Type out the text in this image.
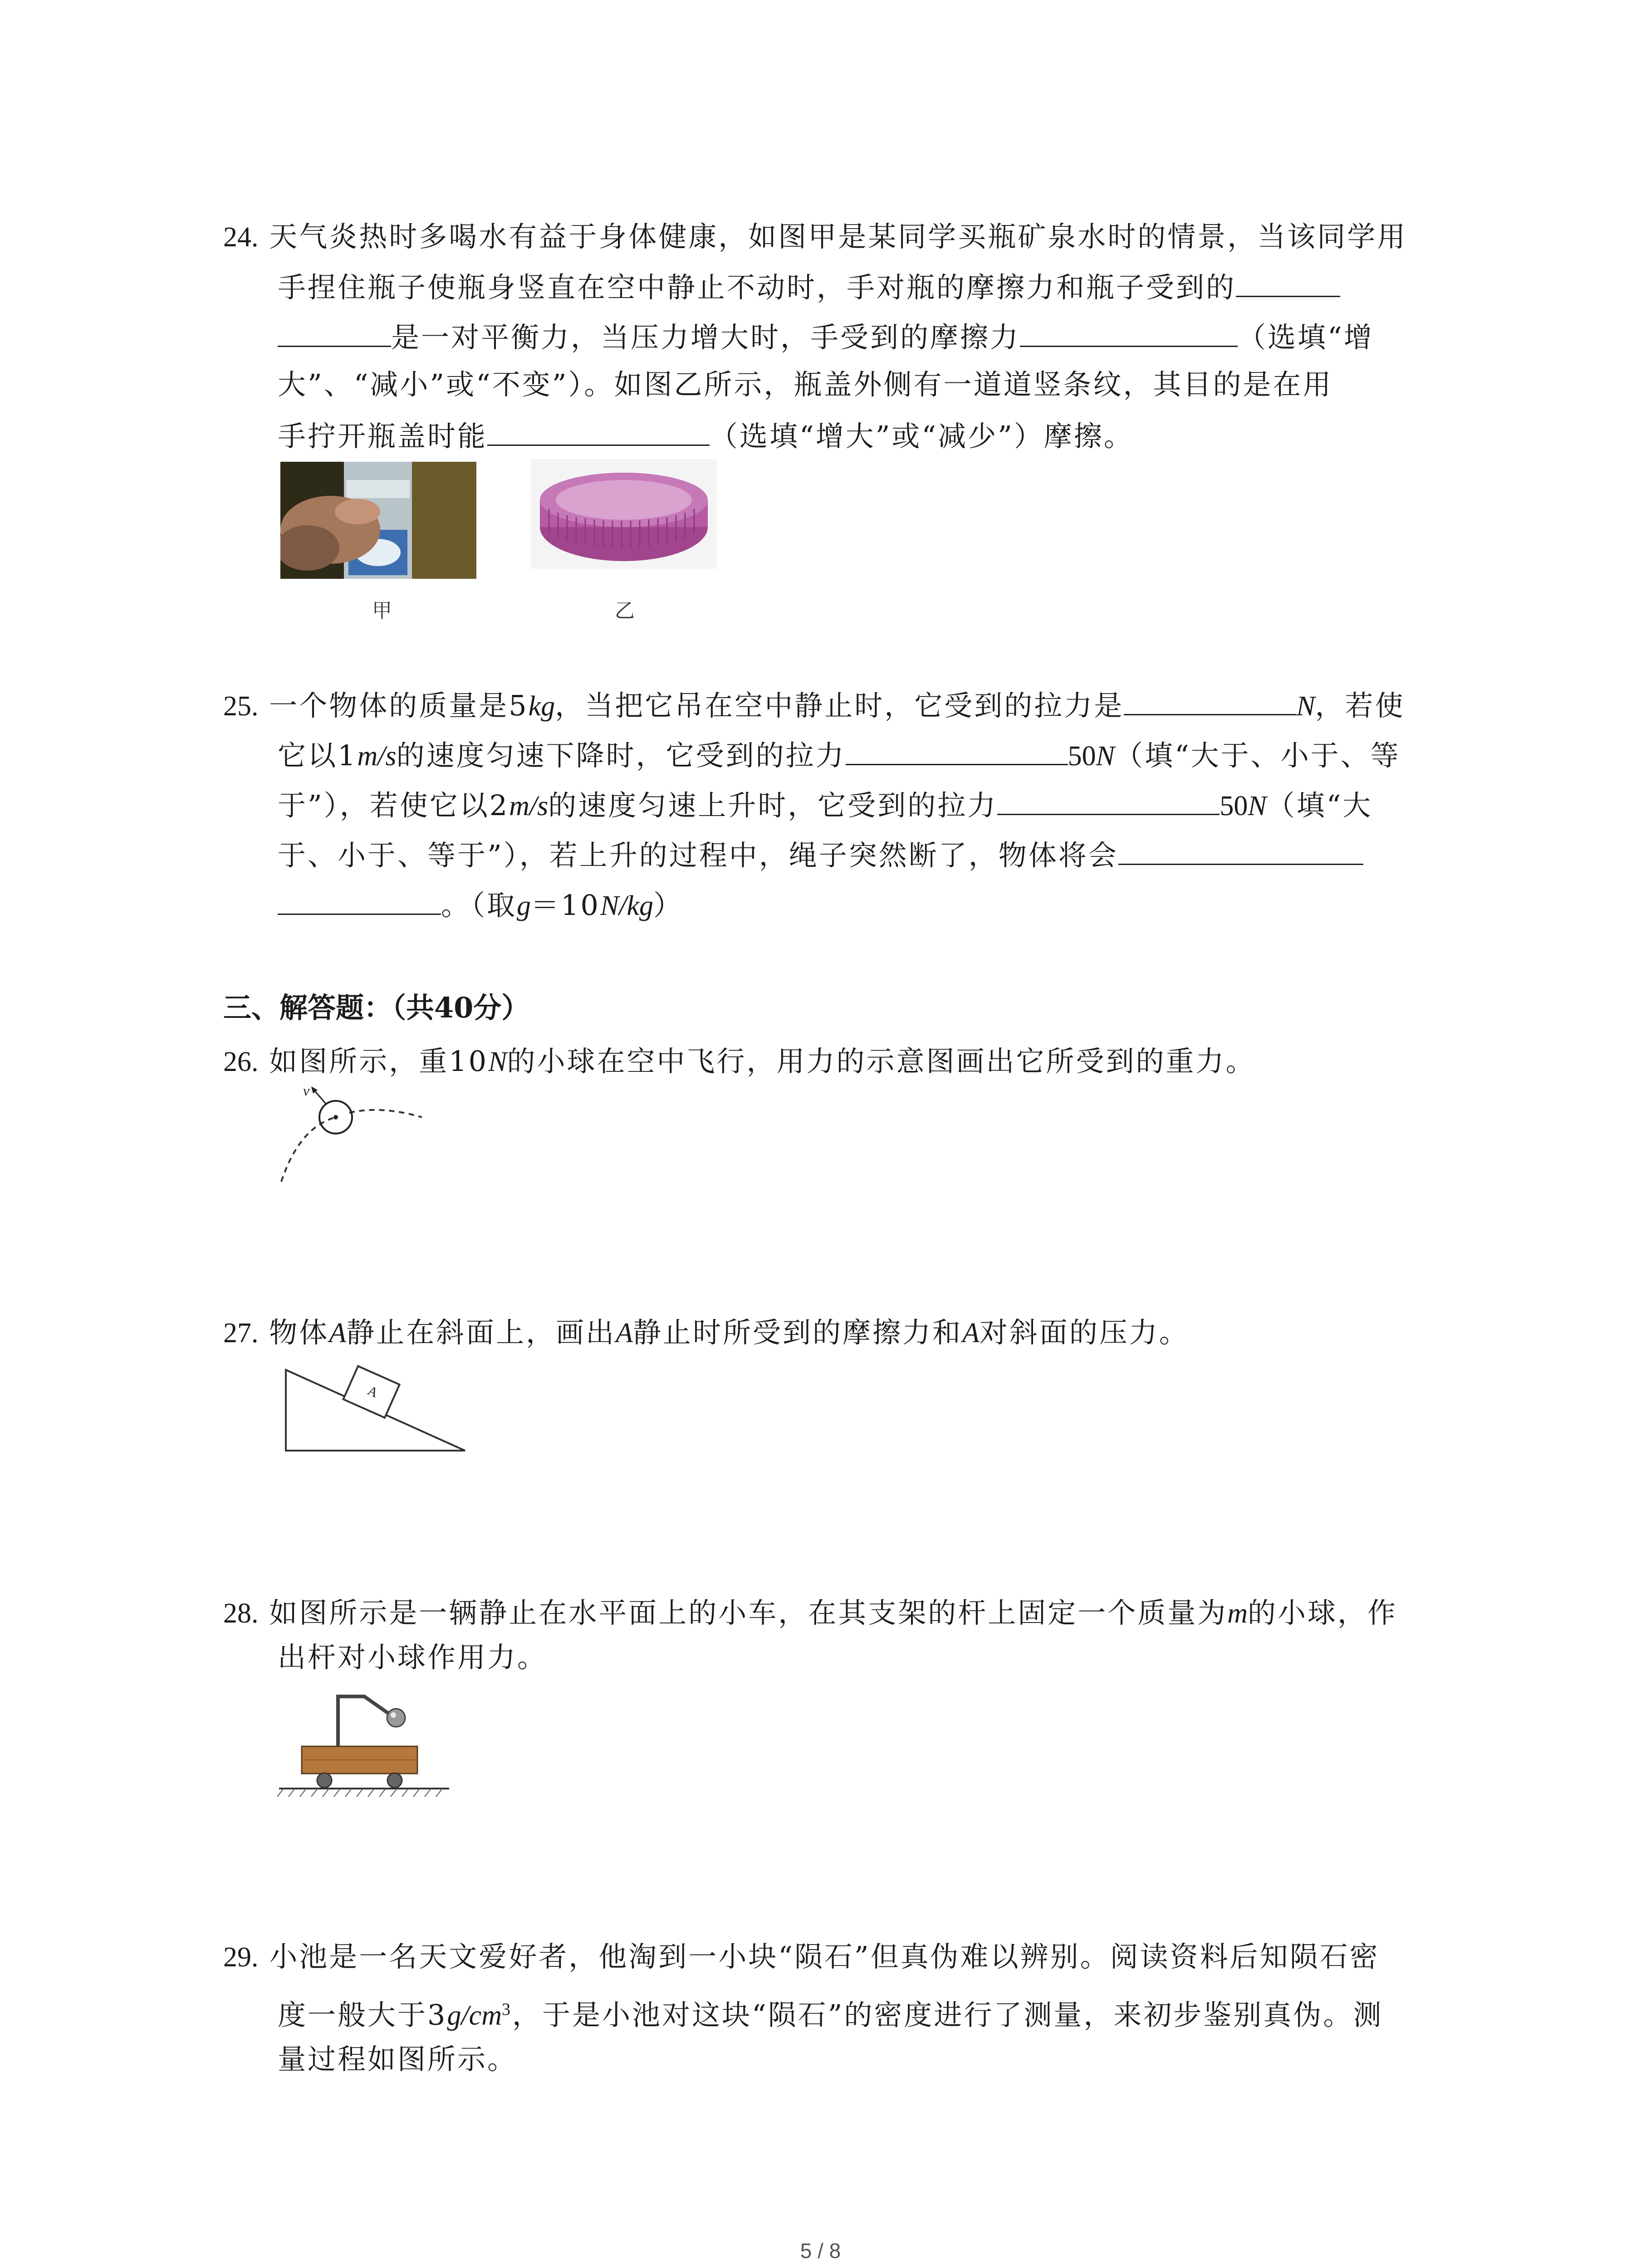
24. 天气炎热时多喝水有益于身体健康，如图甲是某同学买瓶矿泉水时的情景，当该同学用
手捏住瓶子使瓶身竖直在空中静止不动时，手对瓶的摩擦力和瓶子受到的
是一对平衡力，当压力增大时，手受到的摩擦力	（选填“增
大”、“减小”或“不变”）。如图乙所示，瓶盖外侧有一道道竖条纹，其目的是在用
手拧开瓶盖时能	（选填“增大”或“减少”）摩擦。
甲	乙
25. 一个物体的质量是5kg，当把它吊在空中静止时，它受到的拉力是	N，若使
它以1m/s的速度匀速下降时，它受到的拉力	50N（填“大于、小于、等
于”），若使它以2m/s的速度匀速上升时，它受到的拉力	50N（填“大
于、小于、等于”），若上升的过程中，绳子突然断了，物体将会
。（取g＝10N/kg）
三、解答题：（共40分）
26. 如图所示，重10N的小球在空中飞行，用力的示意图画出它所受到的重力。
v
27. 物体A静止在斜面上，画出A静止时所受到的摩擦力和A对斜面的压力。
A
28. 如图所示是一辆静止在水平面上的小车，在其支架的杆上固定一个质量为m的小球，作
出杆对小球作用力。
29. 小池是一名天文爱好者，他淘到一小块“陨石”但真伪难以辨别。阅读资料后知陨石密
度一般大于$3g/cm^3$，于是小池对这块“陨石”的密度进行了测量，来初步鉴别真伪。测
量过程如图所示。
5 / 8
